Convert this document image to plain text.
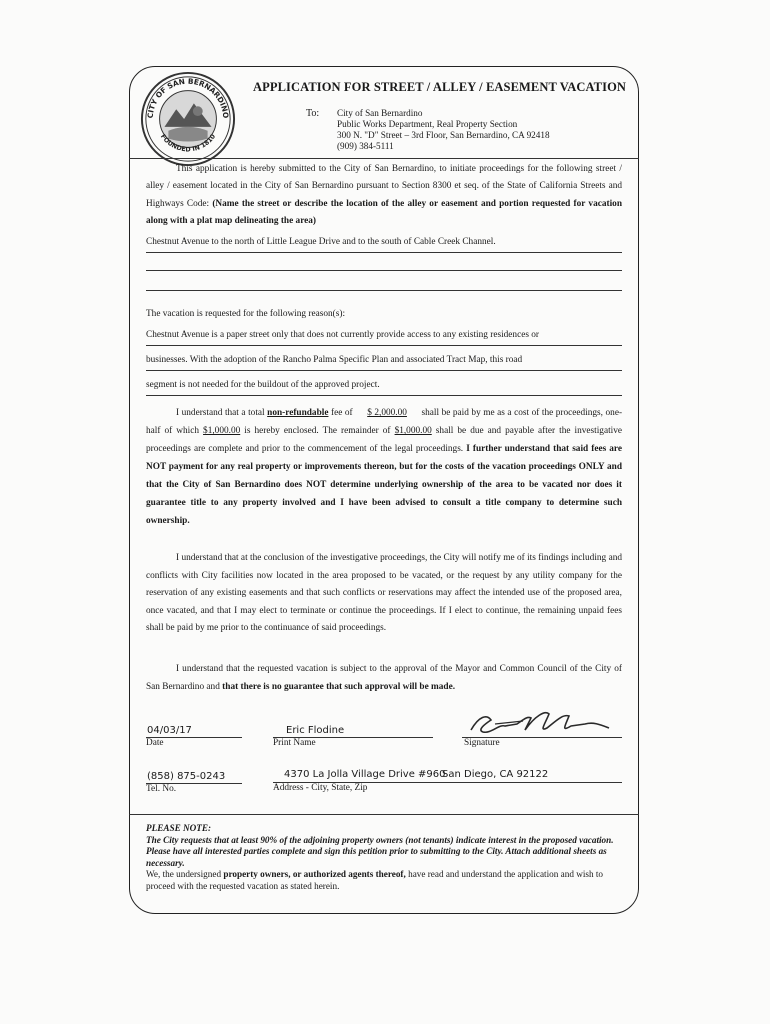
CITY OF SAN BERNARDINO
FOUNDED IN 1810
APPLICATION FOR STREET / ALLEY / EASEMENT VACATION
To: City of San Bernardino
Public Works Department, Real Property Section
300 N. "D" Street – 3rd Floor, San Bernardino, CA 92418
(909) 384-5111
This application is hereby submitted to the City of San Bernardino, to initiate proceedings for the following street / alley / easement located in the City of San Bernardino pursuant to Section 8300 et seq. of the State of California Streets and Highways Code: (Name the street or describe the location of the alley or easement and portion requested for vacation along with a plat map delineating the area)
Chestnut Avenue to the north of Little League Drive and to the south of Cable Creek Channel.
The vacation is requested for the following reason(s):
Chestnut Avenue is a paper street only that does not currently provide access to any existing residences or
businesses. With the adoption of the Rancho Palma Specific Plan and associated Tract Map, this road
segment is not needed for the buildout of the approved project.
I understand that a total non-refundable fee of $ 2,000.00 shall be paid by me as a cost of the proceedings, one-half of which $1,000.00 is hereby enclosed. The remainder of $1,000.00 shall be due and payable after the investigative proceedings are complete and prior to the commencement of the legal proceedings. I further understand that said fees are NOT payment for any real property or improvements thereon, but for the costs of the vacation proceedings ONLY and that the City of San Bernardino does NOT determine underlying ownership of the area to be vacated nor does it guarantee title to any property involved and I have been advised to consult a title company to determine such ownership.
I understand that at the conclusion of the investigative proceedings, the City will notify me of its findings including and conflicts with City facilities now located in the area proposed to be vacated, or the request by any utility company for the reservation of any existing easements and that such conflicts or reservations may affect the intended use of the proposed area, once vacated, and that I may elect to terminate or continue the proceedings. If I elect to continue, the remaining unpaid fees shall be paid by me prior to the continuance of said proceedings.
I understand that the requested vacation is subject to the approval of the Mayor and Common Council of the City of San Bernardino and that there is no guarantee that such approval will be made.
04/03/17
Date
Eric Flodine
Print Name	Signature
(858) 875-0243
Tel. No.
4370 La Jolla Village Drive #960
San Diego, CA 92122
Address - City, State, Zip
PLEASE NOTE:
The City requests that at least 90% of the adjoining property owners (not tenants) indicate interest in the proposed vacation. Please have all interested parties complete and sign this petition prior to submitting to the City. Attach additional sheets as necessary.
We, the undersigned property owners, or authorized agents thereof, have read and understand the application and wish to proceed with the requested vacation as stated herein.
